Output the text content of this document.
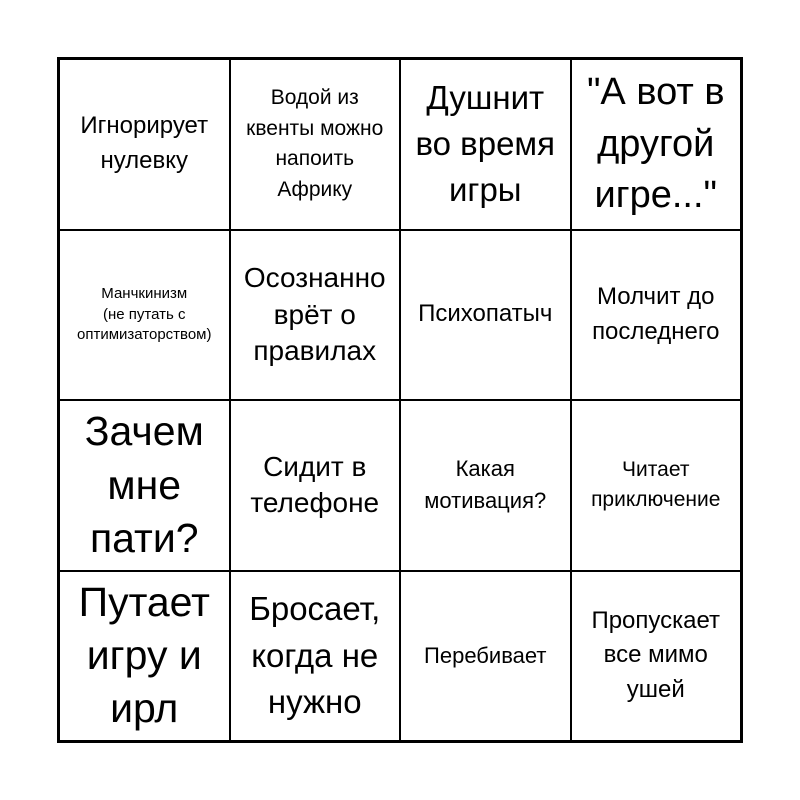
Игнорирует нулевку
Водой из квенты можно напоить Африку
Душнит во время игры
"А вот в другой игре..."
Манчкинизм
(не путать с оптимизаторством)
Осознанно врёт о правилах
Психопатыч
Молчит до последнего
Зачем мне пати?
Сидит в телефоне
Какая мотивация?
Читает приключение
Путает игру и ирл
Бросает, когда не нужно
Перебивает
Пропускает все мимо ушей
